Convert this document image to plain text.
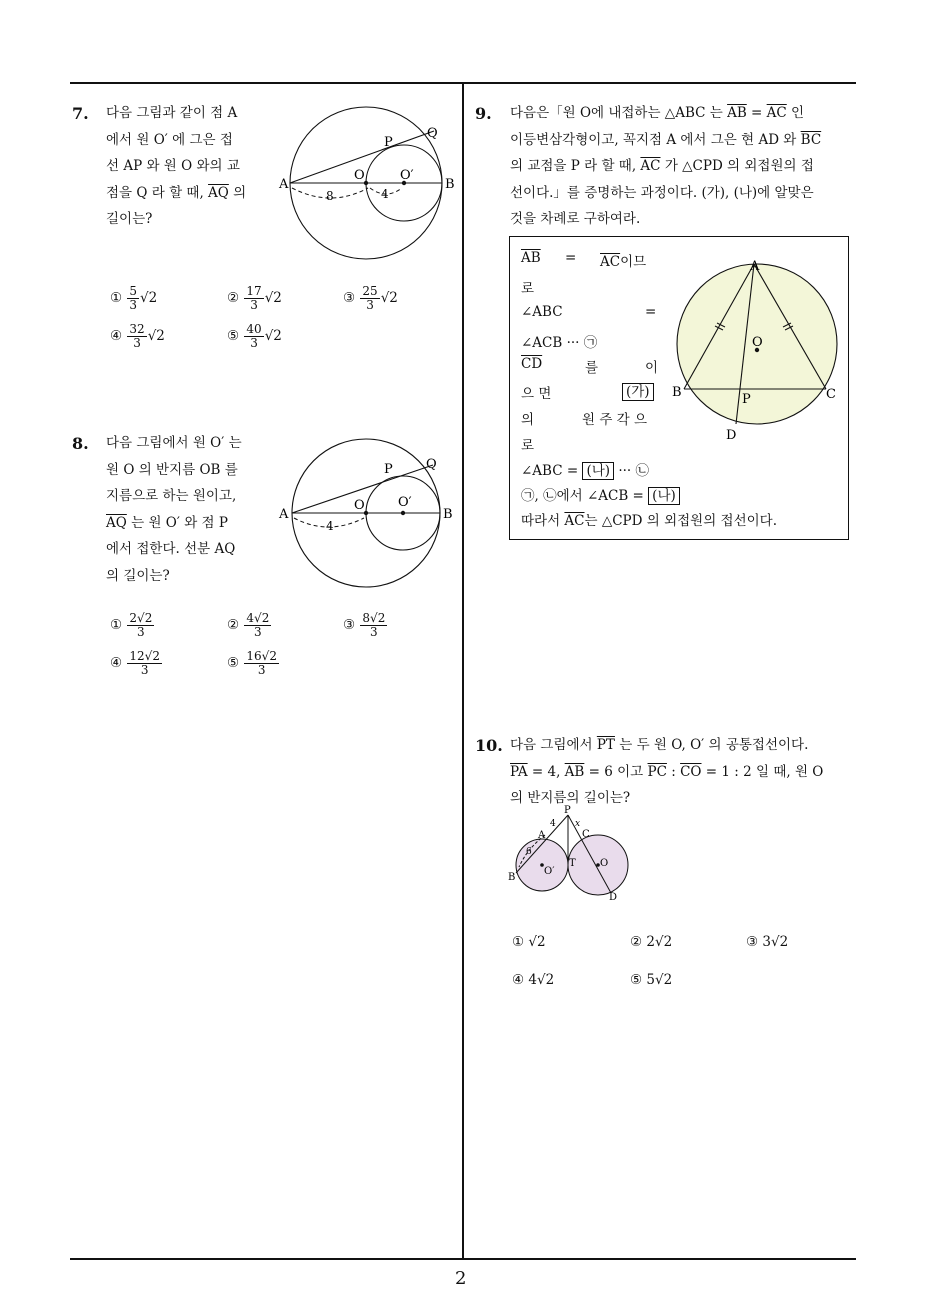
7. 다음 그림과 같이 점 A
에서 원 O′ 에 그은 접
선 AP 와 원 O 와의 교
점을 Q 라 할 때, $\overline{AQ}$ 의
길이는?
A	B
O	O′
P
Q
8	4
① $\frac{5}{3} √2$	② $\frac{17}{3} √2$	③ $\frac{25}{3} √2$
④ $\frac{32}{3} √2$	⑤ $\frac{40}{3} √2$
8. 다음 그림에서 원 O′ 는
원 O 의 반지름 OB 를
지름으로 하는 원이고,
$\overline{AQ}$ 는 원 O′ 와 점 P
에서 접한다. 선분 AQ
의 길이는?
A	B
O	O′
P	Q
4
① $\frac{2√2}{3}$	② $\frac{4√2}{3}$	③ $\frac{8√2}{3}$
④ $\frac{12√2}{3}$	⑤ $\frac{16√2}{3}$
9. 다음은「원 O에 내접하는 △ABC 는 $\overline{AB} = \overline{AC}$ 인
이등변삼각형이고, 꼭지점 A 에서 그은 현 AD 와 $\overline{BC}$
의 교점을 P 라 할 때, $\overline{AC}$ 가 △CPD 의 외접원의 접
선이다.」를 증명하는 과정이다. (가), (나)에 알맞은
것을 차례로 구하여라.
$\overline{AB} = \overline{AC}$이므
로
∠ABC	=
∠ACB ··· ㉠
$\overline{CD}$	를	이
으 면	(가)
의	원 주 각 으
로
∠ABC = (나) ··· ㉡
㉠, ㉡에서 ∠ACB = (나)
따라서 $\overline{AC}$는 △CPD 의 외접원의 접선이다.
A
B	C
D
O
P
10. 다음 그림에서 $\overline{PT}$ 는 두 원 O, O′ 의 공통접선이다.
$\overline{PA} = 4$, $\overline{AB} = 6$ 이고 $\overline{PC}$ : $\overline{CO} = 1$ : 2 일 때, 원 O
의 반지름의 길이는?
P
4 x
A	C
6
B
O′
T O
D
① √2	② 2√2	③ 3√2
④ 4√2	⑤ 5√2
2
